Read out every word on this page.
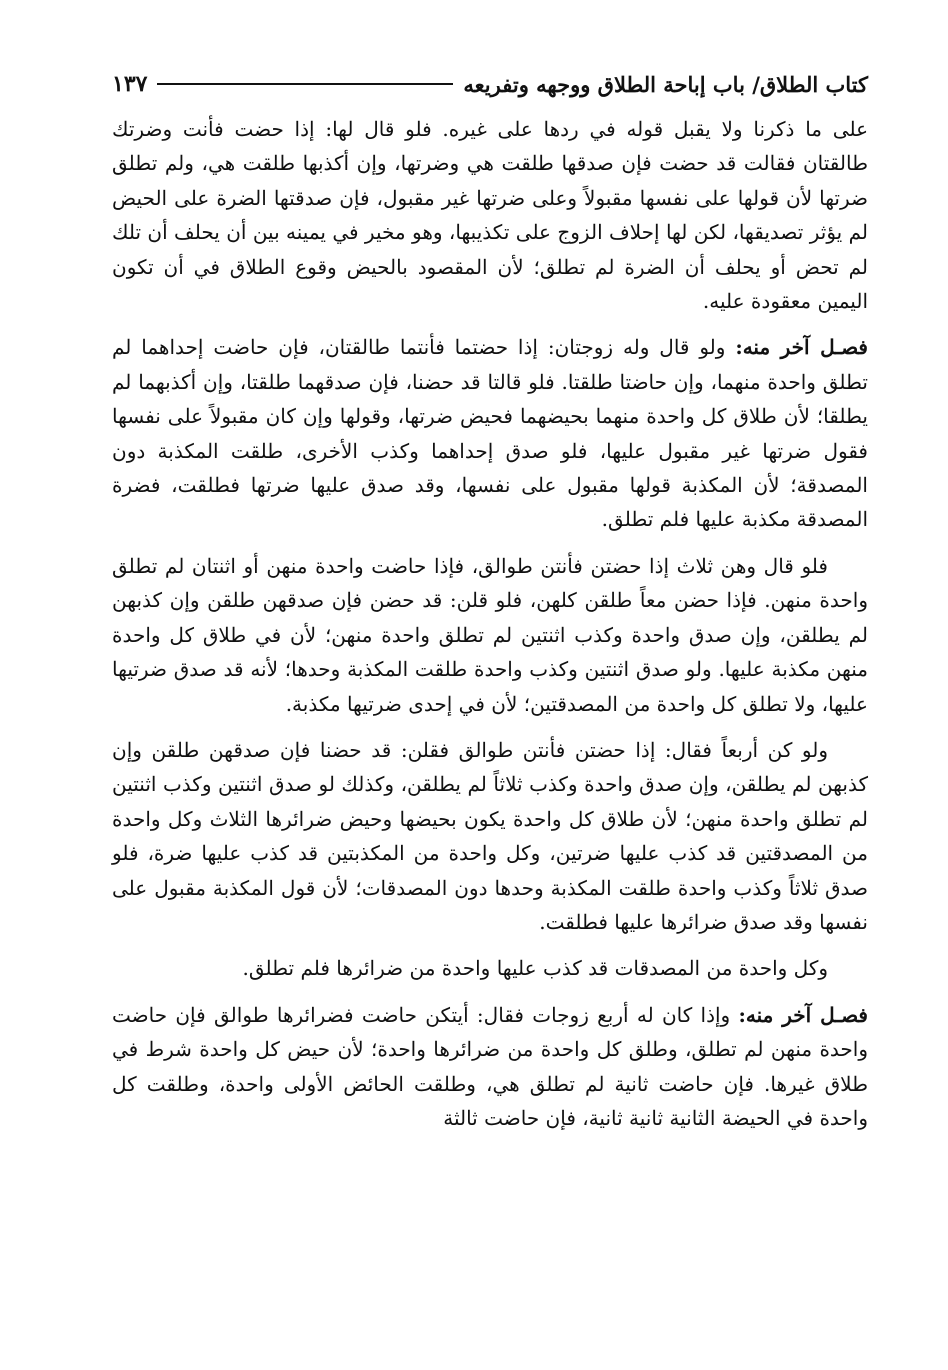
كتاب الطلاق/ باب إباحة الطلاق ووجهه وتفريعه
١٣٧

على ما ذكرنا ولا يقبل قوله في ردها على غيره. فلو قال لها: إذا حضت فأنت وضرتك طالقتان فقالت قد حضت فإن صدقها طلقت هي وضرتها، وإن أكذبها طلقت هي، ولم تطلق ضرتها لأن قولها على نفسها مقبولاً وعلى ضرتها غير مقبول، فإن صدقتها الضرة على الحيض لم يؤثر تصديقها، لكن لها إحلاف الزوج على تكذيبها، وهو مخير في يمينه بين أن يحلف أن تلك لم تحض أو يحلف أن الضرة لم تطلق؛ لأن المقصود بالحيض وقوع الطلاق في أن تكون اليمين معقودة عليه.

فصـل آخر منه: ولو قال وله زوجتان: إذا حضتما فأنتما طالقتان، فإن حاضت إحداهما لم تطلق واحدة منهما، وإن حاضتا طلقتا. فلو قالتا قد حضنا، فإن صدقهما طلقتا، وإن أكذبهما لم يطلقا؛ لأن طلاق كل واحدة منهما بحيضهما فحيض ضرتها، وقولها وإن كان مقبولاً على نفسها فقول ضرتها غير مقبول عليها، فلو صدق إحداهما وكذب الأخرى، طلقت المكذبة دون المصدقة؛ لأن المكذبة قولها مقبول على نفسها، وقد صدق عليها ضرتها فطلقت، فضرة المصدقة مكذبة عليها فلم تطلق.

فلو قال وهن ثلاث إذا حضتن فأنتن طوالق، فإذا حاضت واحدة منهن أو اثنتان لم تطلق واحدة منهن. فإذا حضن معاً طلقن كلهن، فلو قلن: قد حضن فإن صدقهن طلقن وإن كذبهن لم يطلقن، وإن صدق واحدة وكذب اثنتين لم تطلق واحدة منهن؛ لأن في طلاق كل واحدة منهن مكذبة عليها. ولو صدق اثنتين وكذب واحدة طلقت المكذبة وحدها؛ لأنه قد صدق ضرتيها عليها، ولا تطلق كل واحدة من المصدقتين؛ لأن في إحدى ضرتيها مكذبة.

ولو كن أربعاً فقال: إذا حضتن فأنتن طوالق فقلن: قد حضنا فإن صدقهن طلقن وإن كذبهن لم يطلقن، وإن صدق واحدة وكذب ثلاثاً لم يطلقن، وكذلك لو صدق اثنتين وكذب اثنتين لم تطلق واحدة منهن؛ لأن طلاق كل واحدة يكون بحيضها وحيض ضرائرها الثلاث وكل واحدة من المصدقتين قد كذب عليها ضرتين، وكل واحدة من المكذبتين قد كذب عليها ضرة، فلو صدق ثلاثاً وكذب واحدة طلقت المكذبة وحدها دون المصدقات؛ لأن قول المكذبة مقبول على نفسها وقد صدق ضرائرها عليها فطلقت.

وكل واحدة من المصدقات قد كذب عليها واحدة من ضرائرها فلم تطلق.

فصـل آخر منه: وإذا كان له أربع زوجات فقال: أيتكن حاضت فضرائرها طوالق فإن حاضت واحدة منهن لم تطلق، وطلق كل واحدة من ضرائرها واحدة؛ لأن حيض كل واحدة شرط في طلاق غيرها. فإن حاضت ثانية لم تطلق هي، وطلقت الحائض الأولى واحدة، وطلقت كل واحدة في الحيضة الثانية ثانية ثانية، فإن حاضت ثالثة
